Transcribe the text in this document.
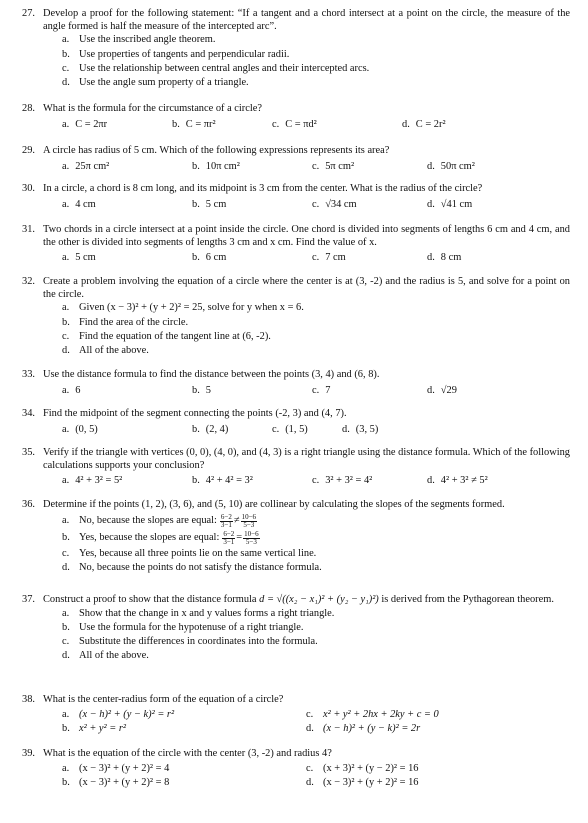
27. Develop a proof for the following statement: “If a tangent and a chord intersect at a point on the circle, the measure of the angle formed is half the measure of the intercepted arc”.
a. Use the inscribed angle theorem.
b. Use properties of tangents and perpendicular radii.
c. Use the relationship between central angles and their intercepted arcs.
d. Use the angle sum property of a triangle.
28. What is the formula for the circumstance of a circle?
a. C = 2πr	b. C = πr²	c. C = πd²	d. C = 2r²
29. A circle has radius of 5 cm. Which of the following expressions represents its area?
a. 25π cm²	b. 10π cm²	c. 5π cm²	d. 50π cm²
30. In a circle, a chord is 8 cm long, and its midpoint is 3 cm from the center. What is the radius of the circle?
a. 4 cm	b. 5 cm	c. √34 cm	d. √41 cm
31. Two chords in a circle intersect at a point inside the circle. One chord is divided into segments of lengths 6 cm and 4 cm, and the other is divided into segments of lengths 3 cm and x cm. Find the value of x.
a. 5 cm	b. 6 cm	c. 7 cm	d. 8 cm
32. Create a problem involving the equation of a circle where the center is at (3, -2) and the radius is 5, and solve for a point on the circle.
a. Given (x − 3)² + (y + 2)² = 25, solve for y when x = 6.
b. Find the area of the circle.
c. Find the equation of the tangent line at (6, -2).
d. All of the above.
33. Use the distance formula to find the distance between the points (3, 4) and (6, 8).
a. 6	b. 5	c. 7	d. √29
34. Find the midpoint of the segment connecting the points (-2, 3) and (4, 7).
a. (0, 5)	b. (2, 4)	c. (1, 5)	d. (3, 5)
35. Verify if the triangle with vertices (0, 0), (4, 0), and (4, 3) is a right triangle using the distance formula. Which of the following calculations supports your conclusion?
a. 4² + 3² = 5²	b. 4² + 4² = 3²	c. 3² + 3² = 4²	d. 4² + 3² ≠ 5²
36. Determine if the points (1, 2), (3, 6), and (5, 10) are collinear by calculating the slopes of the segments formed.
a. No, because the slopes are equal: $\frac{6-2}{3-1} \ne \frac{10-6}{5-3}$
b. Yes, because the slopes are equal: $\frac{6-2}{3-1} = \frac{10-6}{5-3}$
c. Yes, because all three points lie on the same vertical line.
d. No, because the points do not satisfy the distance formula.
37. Construct a proof to show that the distance formula d = √((x₂ − x₁)² + (y₂ − y₁)²) is derived from the Pythagorean theorem.
a. Show that the change in x and y values forms a right triangle.
b. Use the formula for the hypotenuse of a right triangle.
c. Substitute the differences in coordinates into the formula.
d. All of the above.
38. What is the center-radius form of the equation of a circle?
a. (x − h)² + (y − k)² = r²	c. x² + y² + 2hx + 2ky + c = 0
b. x² + y² = r²	d. (x − h)² + (y − k)² = 2r
39. What is the equation of the circle with the center (3, -2) and radius 4?
a. (x − 3)² + (y + 2)² = 4	c. (x + 3)² + (y − 2)² = 16
b. (x − 3)² + (y + 2)² = 8	d. (x − 3)² + (y + 2)² = 16
